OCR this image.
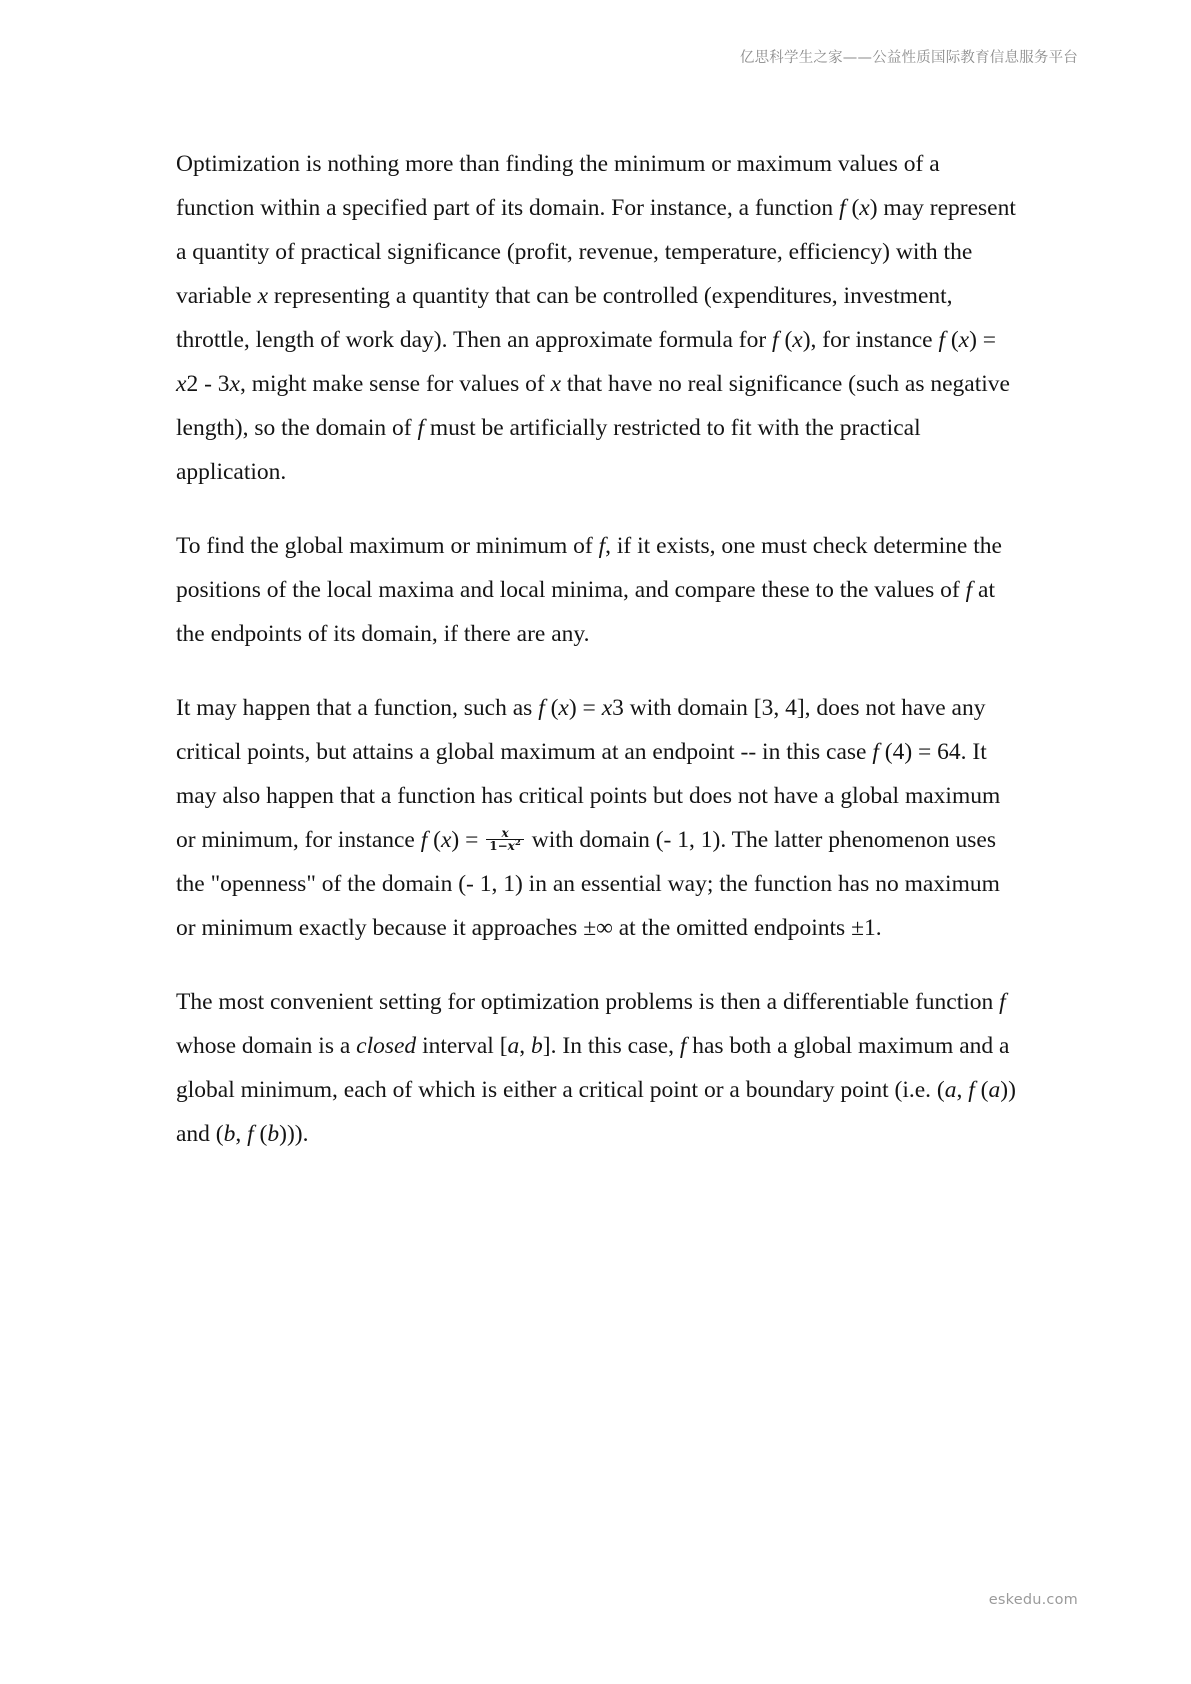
亿思科学生之家——公益性质国际教育信息服务平台

Optimization is nothing more than finding the minimum or maximum values of a function within a specified part of its domain. For instance, a function f (x) may represent a quantity of practical significance (profit, revenue, temperature, efficiency) with the variable x representing a quantity that can be controlled (expenditures, investment, throttle, length of work day). Then an approximate formula for f (x), for instance f (x) = x2 - 3x, might make sense for values of x that have no real significance (such as negative length), so the domain of f must be artificially restricted to fit with the practical application.

To find the global maximum or minimum of f, if it exists, one must check determine the positions of the local maxima and local minima, and compare these to the values of f at the endpoints of its domain, if there are any.

It may happen that a function, such as f (x) = x3 with domain [3, 4], does not have any critical points, but attains a global maximum at an endpoint -- in this case f (4) = 64. It may also happen that a function has critical points but does not have a global maximum or minimum, for instance f $(x) = \frac{x}{1-x^2}$ with domain (- 1, 1). The latter phenomenon uses the "openness" of the domain (- 1, 1) in an essential way; the function has no maximum or minimum exactly because it approaches ±∞ at the omitted endpoints ±1.

The most convenient setting for optimization problems is then a differentiable function f whose domain is a closed interval [a, b]. In this case, f has both a global maximum and a global minimum, each of which is either a critical point or a boundary point (i.e. (a, f (a)) and (b, f (b))).

eskedu.com
